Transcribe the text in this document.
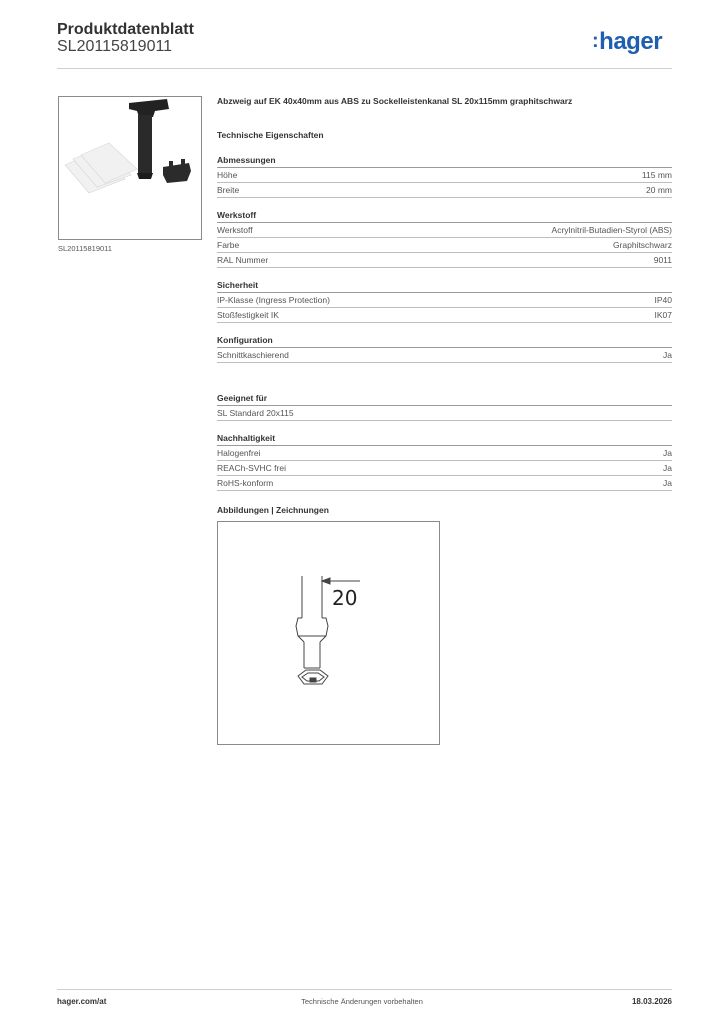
Produktdatenblatt
SL20115819011	:hager
SL20115819011
Abzweig auf EK 40x40mm aus ABS zu Sockelleistenkanal SL 20x115mm graphitschwarz
Technische Eigenschaften
Abmessungen
Höhe	115 mm
Breite	20 mm
Werkstoff
Werkstoff	Acrylnitril-Butadien-Styrol (ABS)
Farbe	Graphitschwarz
RAL Nummer	9011
Sicherheit
IP-Klasse (Ingress Protection)	IP40
Stoßfestigkeit IK	IK07
Konfiguration
Schnittkaschierend	Ja
Geeignet für
SL Standard 20x115
Nachhaltigkeit
Halogenfrei	Ja
REACh-SVHC frei	Ja
RoHS-konform	Ja
Abbildungen | Zeichnungen
20
Technische Änderungen vorbehalten
hager.com/at	18.03.2026
